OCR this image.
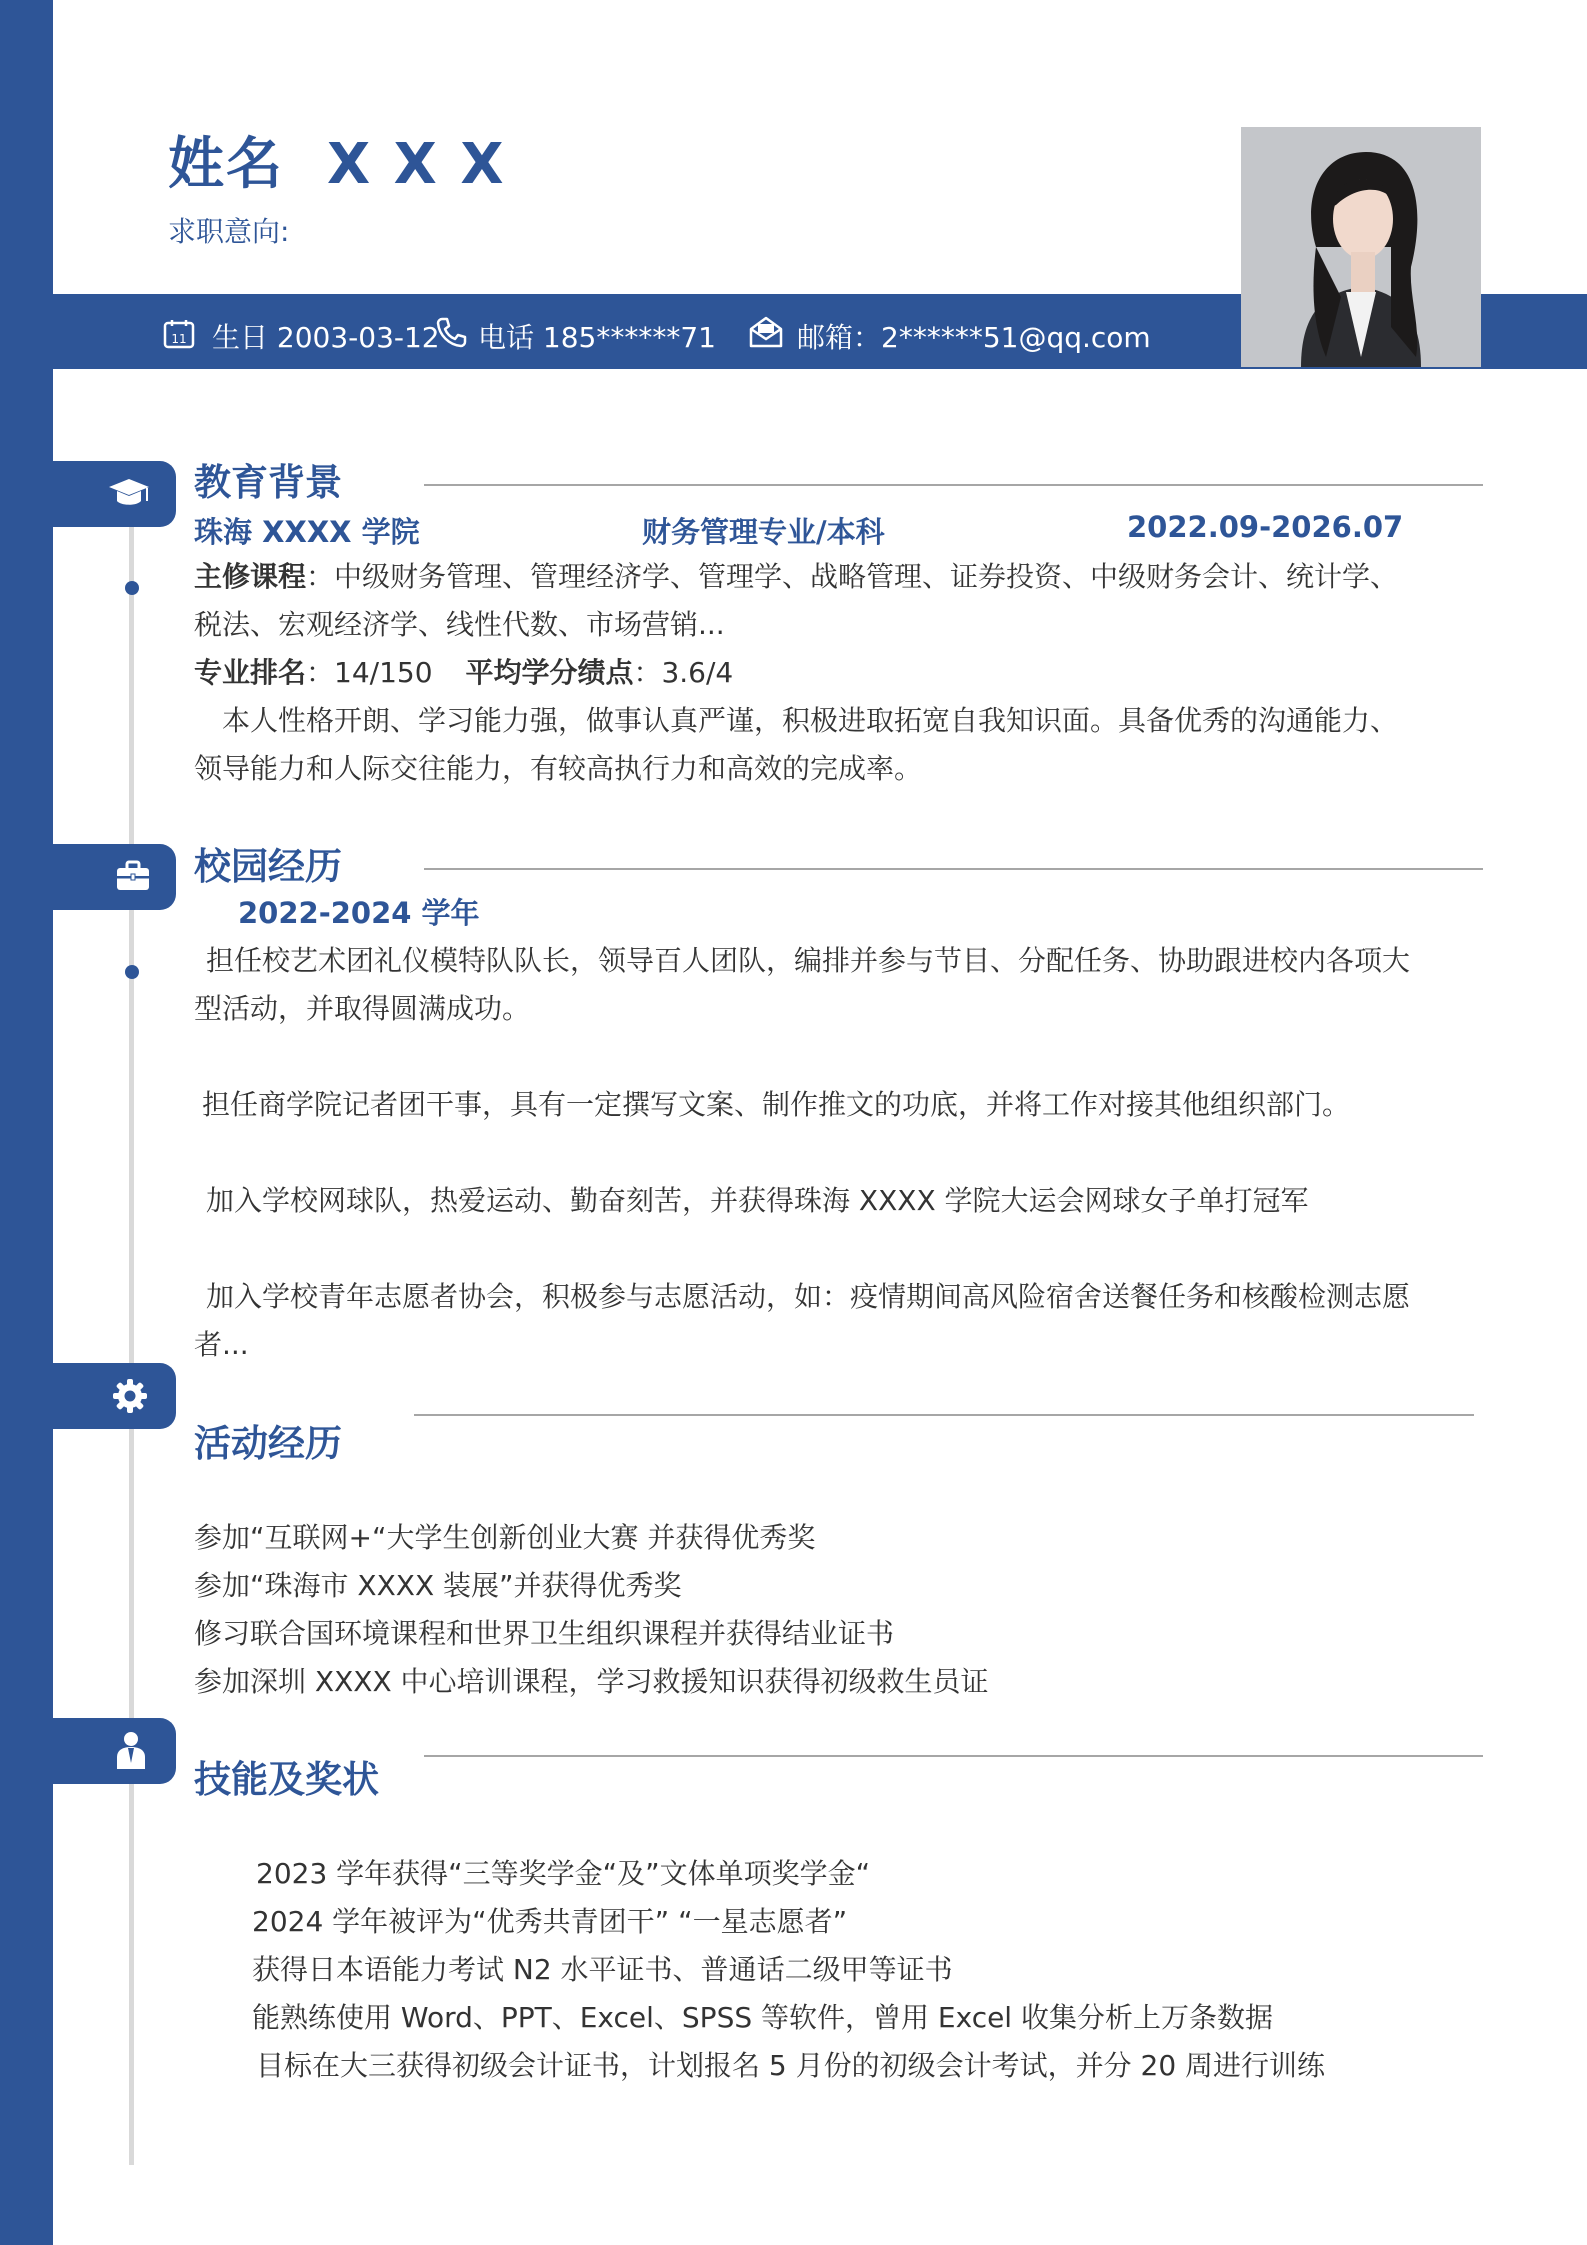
姓名  X X X
求职意向:
11 生日 2003-03-12 电话 185******71	邮箱：2******51@qq.com
教育背景
珠海 XXXX 学院	财务管理专业/本科	2022.09-2026.07
主修课程：中级财务管理、管理经济学、管理学、战略管理、证券投资、中级财务会计、统计学、
税法、宏观经济学、线性代数、市场营销...
专业排名：14/150 平均学分绩点：3.6/4
本人性格开朗、学习能力强，做事认真严谨，积极进取拓宽自我知识面。具备优秀的沟通能力、
领导能力和人际交往能力，有较高执行力和高效的完成率。
校园经历
2022-2024 学年
担任校艺术团礼仪模特队队长，领导百人团队，编排并参与节目、分配任务、协助跟进校内各项大
型活动，并取得圆满成功。
担任商学院记者团干事，具有一定撰写文案、制作推文的功底，并将工作对接其他组织部门。
加入学校网球队，热爱运动、勤奋刻苦，并获得珠海 XXXX 学院大运会网球女子单打冠军
加入学校青年志愿者协会，积极参与志愿活动，如：疫情期间高风险宿舍送餐任务和核酸检测志愿
者...
活动经历
参加“互联网+“大学生创新创业大赛 并获得优秀奖
参加“珠海市 XXXX 装展”并获得优秀奖
修习联合国环境课程和世界卫生组织课程并获得结业证书
参加深圳 XXXX 中心培训课程，学习救援知识获得初级救生员证
技能及奖状
2023 学年获得“三等奖学金“及”文体单项奖学金“
2024 学年被评为“优秀共青团干” “一星志愿者”
获得日本语能力考试 N2 水平证书、普通话二级甲等证书
能熟练使用 Word、PPT、Excel、SPSS 等软件，曾用 Excel 收集分析上万条数据
目标在大三获得初级会计证书，计划报名 5 月份的初级会计考试，并分 20 周进行训练
